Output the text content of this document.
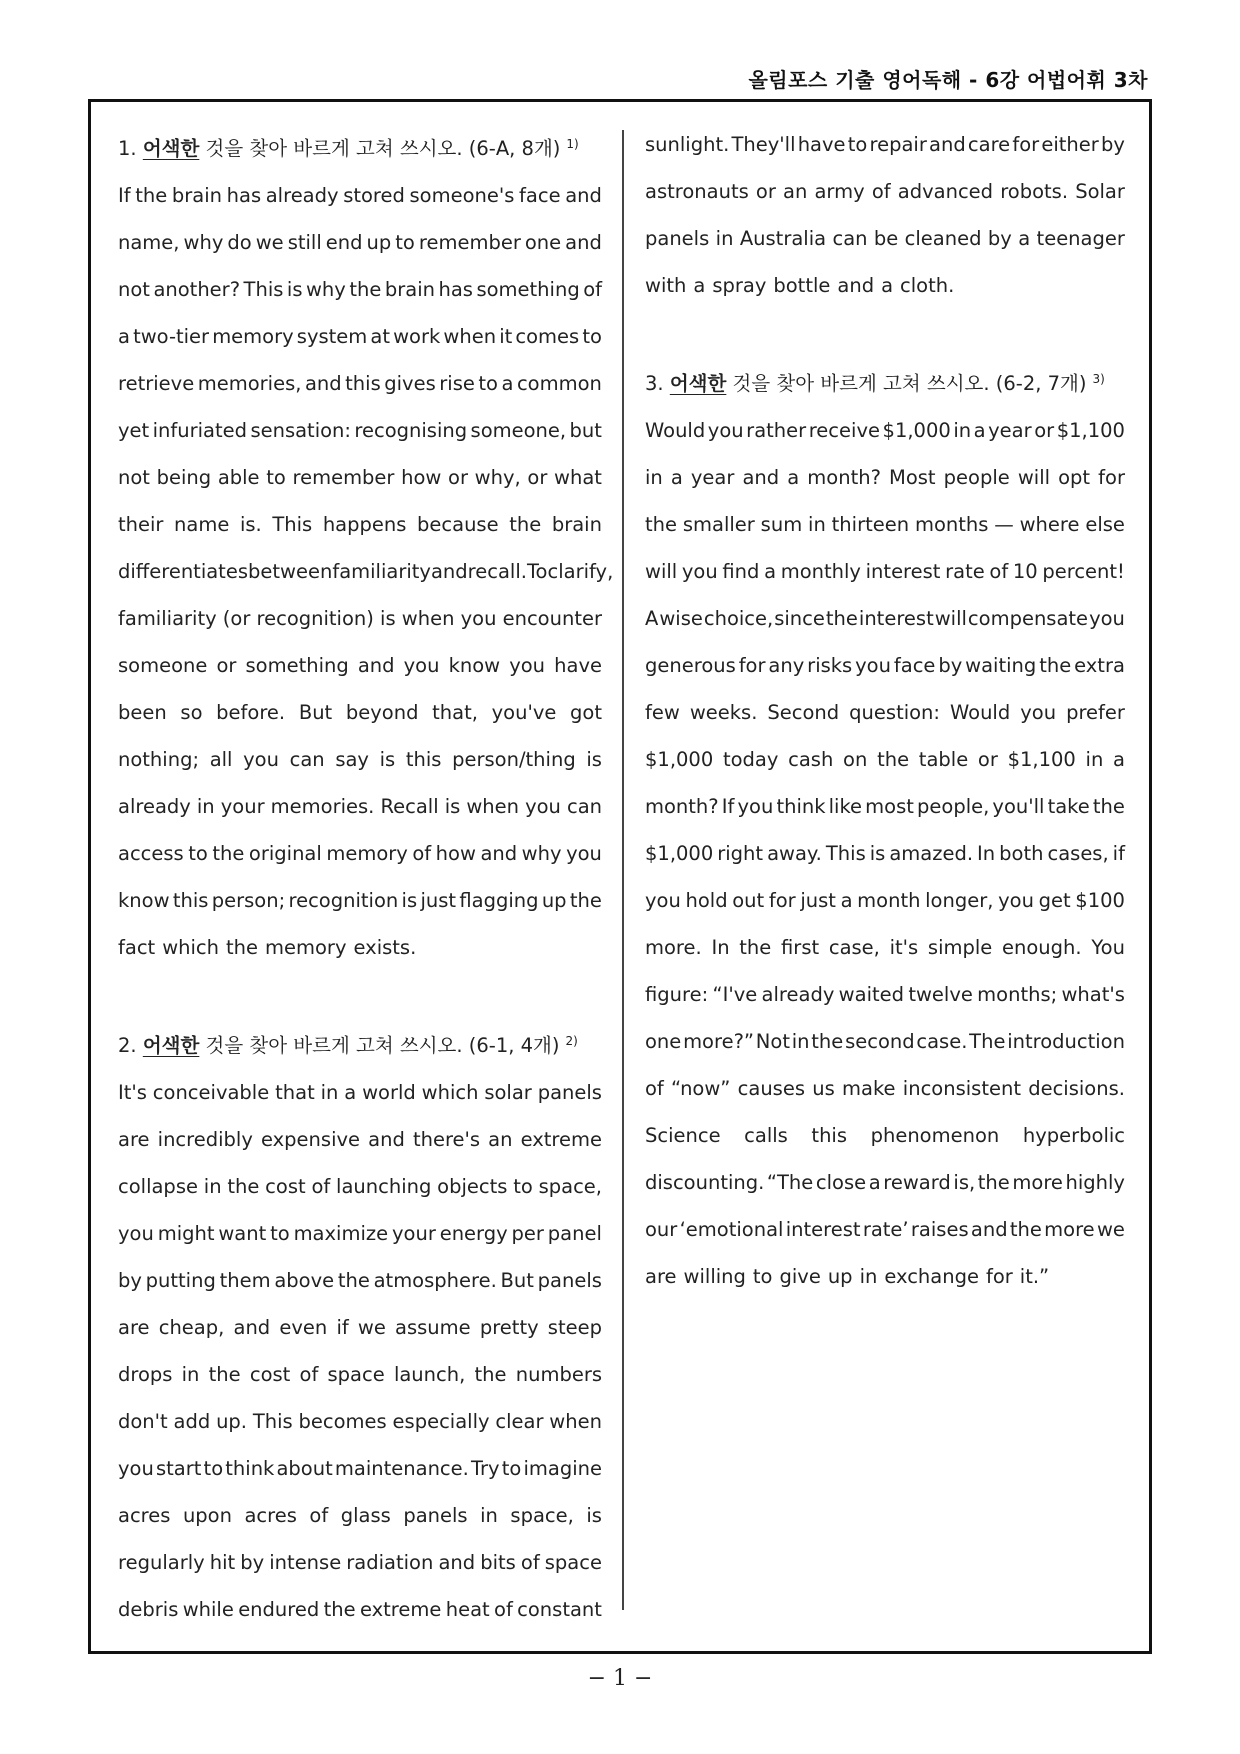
올림포스 기출 영어독해 - 6강 어법어휘 3차
1. 어색한 것을 찾아 바르게 고쳐 쓰시오. (6-A, 8개) $^{1)}$
If the brain has already stored someone's face and
name, why do we still end up to remember one and
not another? This is why the brain has something of
a two-tier memory system at work when it comes to
retrieve memories, and this gives rise to a common
yet infuriated sensation: recognising someone, but
not being able to remember how or why, or what
their name is. This happens because the brain
differentiates between familiarity and recall. To clarify,
familiarity (or recognition) is when you encounter
someone or something and you know you have
been so before. But beyond that, you've got
nothing; all you can say is this person/thing is
already in your memories. Recall is when you can
access to the original memory of how and why you
know this person; recognition is just flagging up the
fact which the memory exists.
2. 어색한 것을 찾아 바르게 고쳐 쓰시오. (6-1, 4개) $^{2)}$
It's conceivable that in a world which solar panels
are incredibly expensive and there's an extreme
collapse in the cost of launching objects to space,
you might want to maximize your energy per panel
by putting them above the atmosphere. But panels
are cheap, and even if we assume pretty steep
drops in the cost of space launch, the numbers
don't add up. This becomes especially clear when
you start to think about maintenance. Try to imagine
acres upon acres of glass panels in space, is
regularly hit by intense radiation and bits of space
debris while endured the extreme heat of constant
sunlight. They'll have to repair and care for either by
astronauts or an army of advanced robots. Solar
panels in Australia can be cleaned by a teenager
with a spray bottle and a cloth.
3. 어색한 것을 찾아 바르게 고쳐 쓰시오. (6-2, 7개) $^{3)}$
Would you rather receive $1,000 in a year or $1,100
in a year and a month? Most people will opt for
the smaller sum in thirteen months — where else
will you find a monthly interest rate of 10 percent!
A wise choice, since the interest will compensate you
generous for any risks you face by waiting the extra
few weeks. Second question: Would you prefer
$1,000 today cash on the table or $1,100 in a
month? If you think like most people, you'll take the
$1,000 right away. This is amazed. In both cases, if
you hold out for just a month longer, you get $100
more. In the first case, it's simple enough. You
figure: “I've already waited twelve months; what's
one more?” Not in the second case. The introduction
of “now” causes us make inconsistent decisions.
Science calls this phenomenon hyperbolic
discounting. “The close a reward is, the more highly
our ‘emotional interest rate’ raises and the more we
are willing to give up in exchange for it.”
− 1 −
